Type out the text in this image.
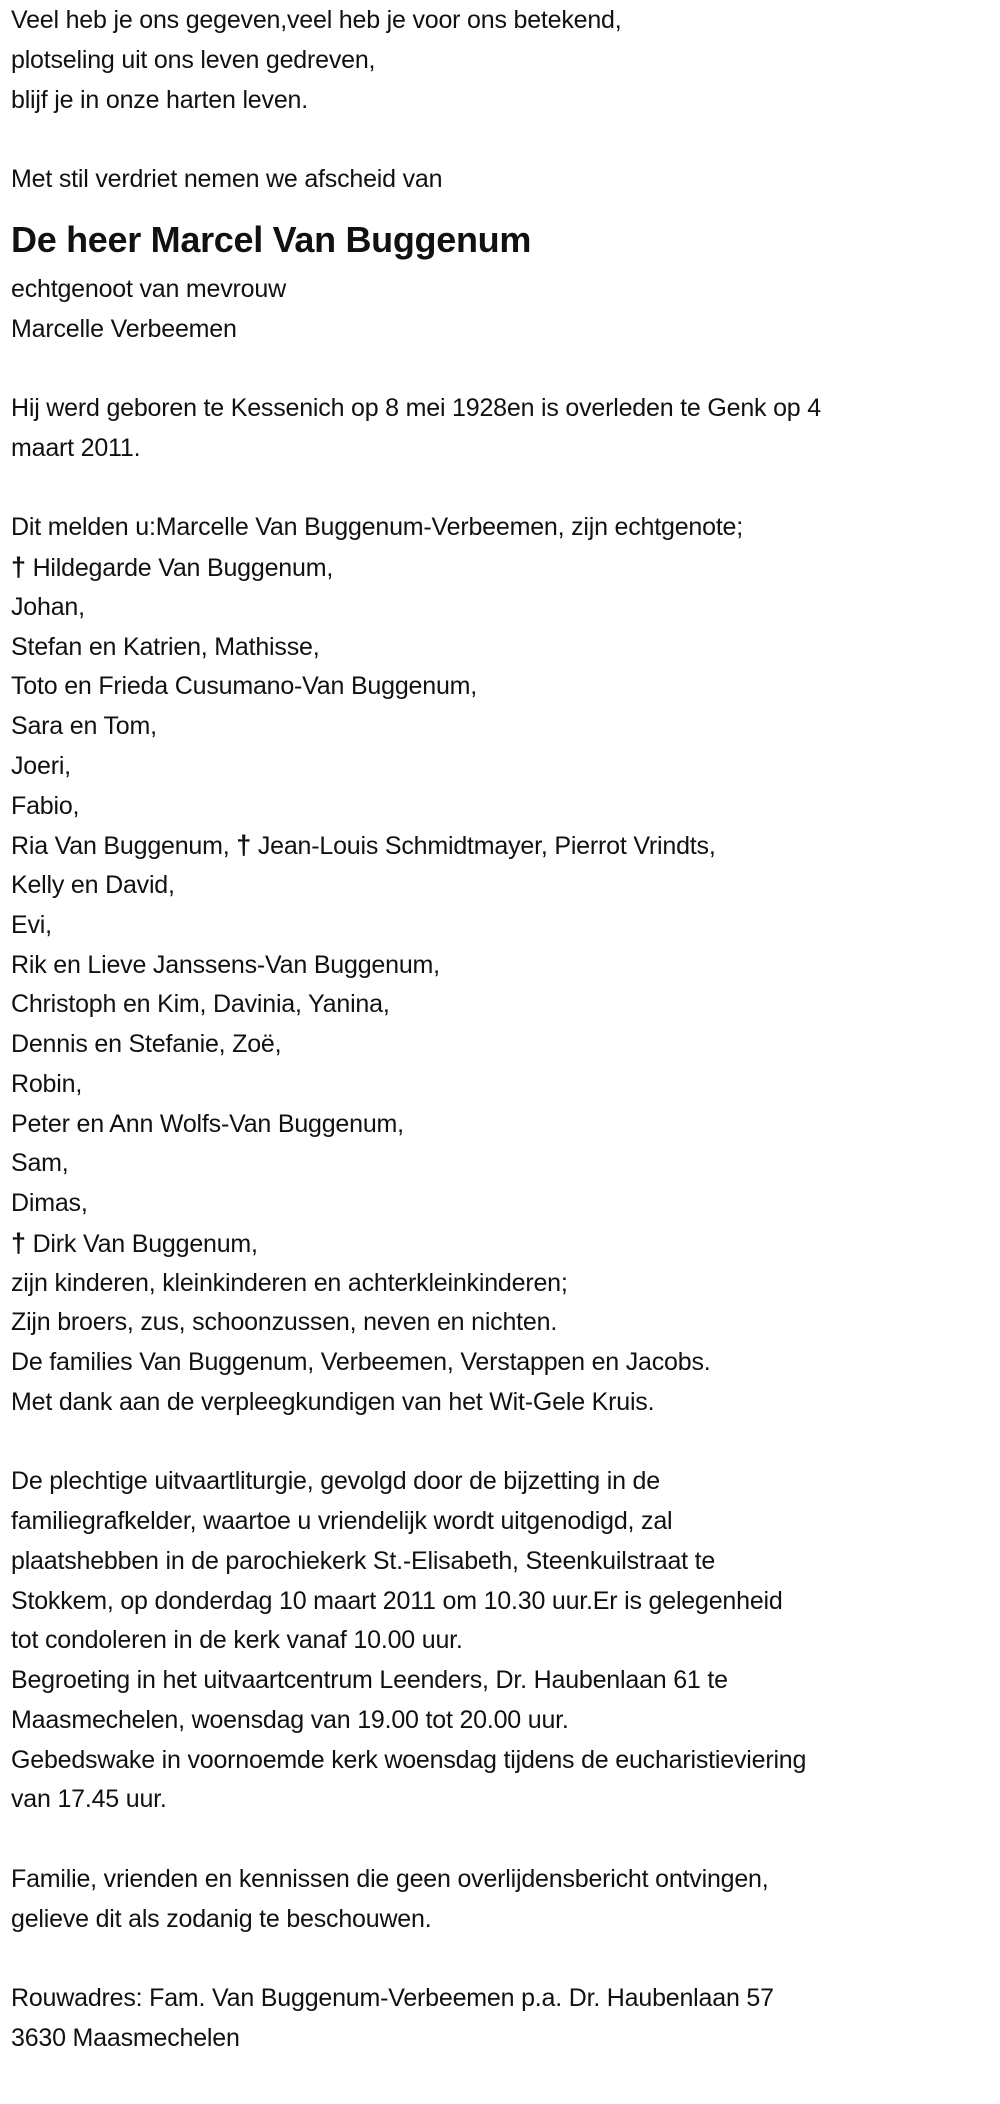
Veel heb je ons gegeven,veel heb je voor ons betekend,
plotseling uit ons leven gedreven,
blijf je in onze harten leven.
Met stil verdriet nemen we afscheid van
De heer Marcel Van Buggenum
echtgenoot van mevrouw
Marcelle Verbeemen
Hij werd geboren te Kessenich op 8 mei 1928en is overleden te Genk op 4
maart 2011.
Dit melden u:Marcelle Van Buggenum-Verbeemen, zijn echtgenote;
† Hildegarde Van Buggenum,
Johan,
Stefan en Katrien, Mathisse,
Toto en Frieda Cusumano-Van Buggenum,
Sara en Tom,
Joeri,
Fabio,
Ria Van Buggenum, † Jean-Louis Schmidtmayer, Pierrot Vrindts,
Kelly en David,
Evi,
Rik en Lieve Janssens-Van Buggenum,
Christoph en Kim, Davinia, Yanina,
Dennis en Stefanie, Zoë,
Robin,
Peter en Ann Wolfs-Van Buggenum,
Sam,
Dimas,
† Dirk Van Buggenum,
zijn kinderen, kleinkinderen en achterkleinkinderen;
Zijn broers, zus, schoonzussen, neven en nichten.
De families Van Buggenum, Verbeemen, Verstappen en Jacobs.
Met dank aan de verpleegkundigen van het Wit-Gele Kruis.
De plechtige uitvaartliturgie, gevolgd door de bijzetting in de
familiegrafkelder, waartoe u vriendelijk wordt uitgenodigd, zal
plaatshebben in de parochiekerk St.-Elisabeth, Steenkuilstraat te
Stokkem, op donderdag 10 maart 2011 om 10.30 uur.Er is gelegenheid
tot condoleren in de kerk vanaf 10.00 uur.
Begroeting in het uitvaartcentrum Leenders, Dr. Haubenlaan 61 te
Maasmechelen, woensdag van 19.00 tot 20.00 uur.
Gebedswake in voornoemde kerk woensdag tijdens de eucharistieviering
van 17.45 uur.
Familie, vrienden en kennissen die geen overlijdensbericht ontvingen,
gelieve dit als zodanig te beschouwen.
Rouwadres: Fam. Van Buggenum-Verbeemen p.a. Dr. Haubenlaan 57
3630 Maasmechelen
